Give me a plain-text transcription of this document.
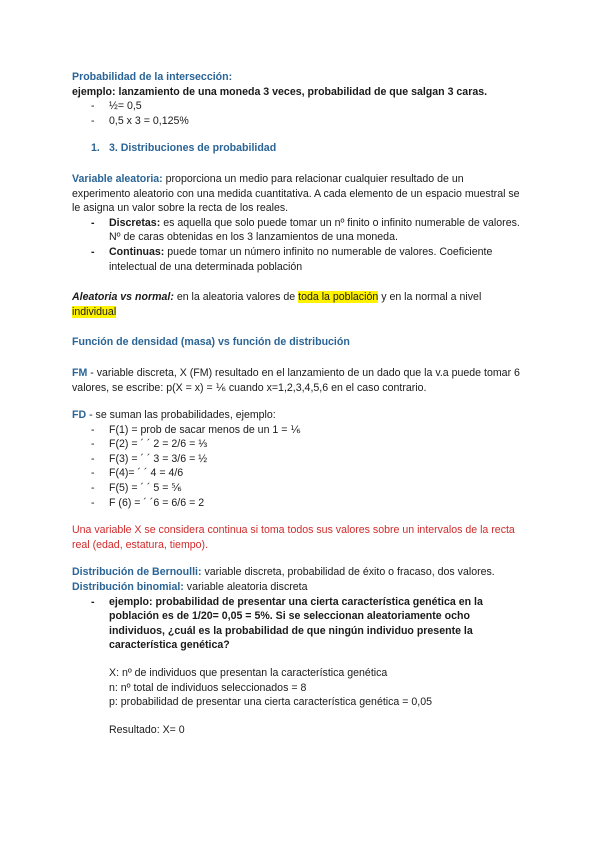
Probabilidad de la intersección:

ejemplo: lanzamiento de una moneda 3 veces, probabilidad de que salgan 3 caras.

- ½= 0,5
- 0,5 x 3 = 0,125%
1. 3. Distribuciones de probabilidad

Variable aleatoria: proporciona un medio para relacionar cualquier resultado de un experimento aleatorio con una medida cuantitativa. A cada elemento de un espacio muestral se le asigna un valor sobre la recta de los reales.

- Discretas: es aquella que solo puede tomar un nº finito o infinito numerable de valores. Nº de caras obtenidas en los 3 lanzamientos de una moneda.
- Continuas: puede tomar un número infinito no numerable de valores. Coeficiente intelectual de una determinada población

Aleatoria vs normal: en la aleatoria valores de toda la población y en la normal a nivel individual

Función de densidad (masa) vs función de distribución

FM - variable discreta, X (FM) resultado en el lanzamiento de un dado que la v.a puede tomar 6 valores, se escribe: p(X = x) = ⅙ cuando x=1,2,3,4,5,6 en el caso contrario.

FD - se suman las probabilidades, ejemplo:

- F(1) = prob de sacar menos de un 1 = ⅙
- F(2) = ´ ´ 2 = 2/6 = ⅓
- F(3) = ´ ´ 3 = 3/6 = ½
- F(4)= ´ ´ 4 = 4/6
- F(5) = ´ ´ 5 = ⅚
- F (6) = ´ ´6 = 6/6 = 2

Una variable X se considera continua si toma todos sus valores sobre un intervalos de la recta real (edad, estatura, tiempo).

Distribución de Bernoulli: variable discreta, probabilidad de éxito o fracaso, dos valores.

Distribución binomial: variable aleatoria discreta

- ejemplo: probabilidad de presentar una cierta característica genética en la población es de 1/20= 0,05 = 5%. Si se seleccionan aleatoriamente ocho individuos, ¿cuál es la probabilidad de que ningún individuo presente la característica genética?

X: nº de individuos que presentan la característica genética

n: nº total de individuos seleccionados = 8

p: probabilidad de presentar una cierta característica genética = 0,05

Resultado: X= 0
